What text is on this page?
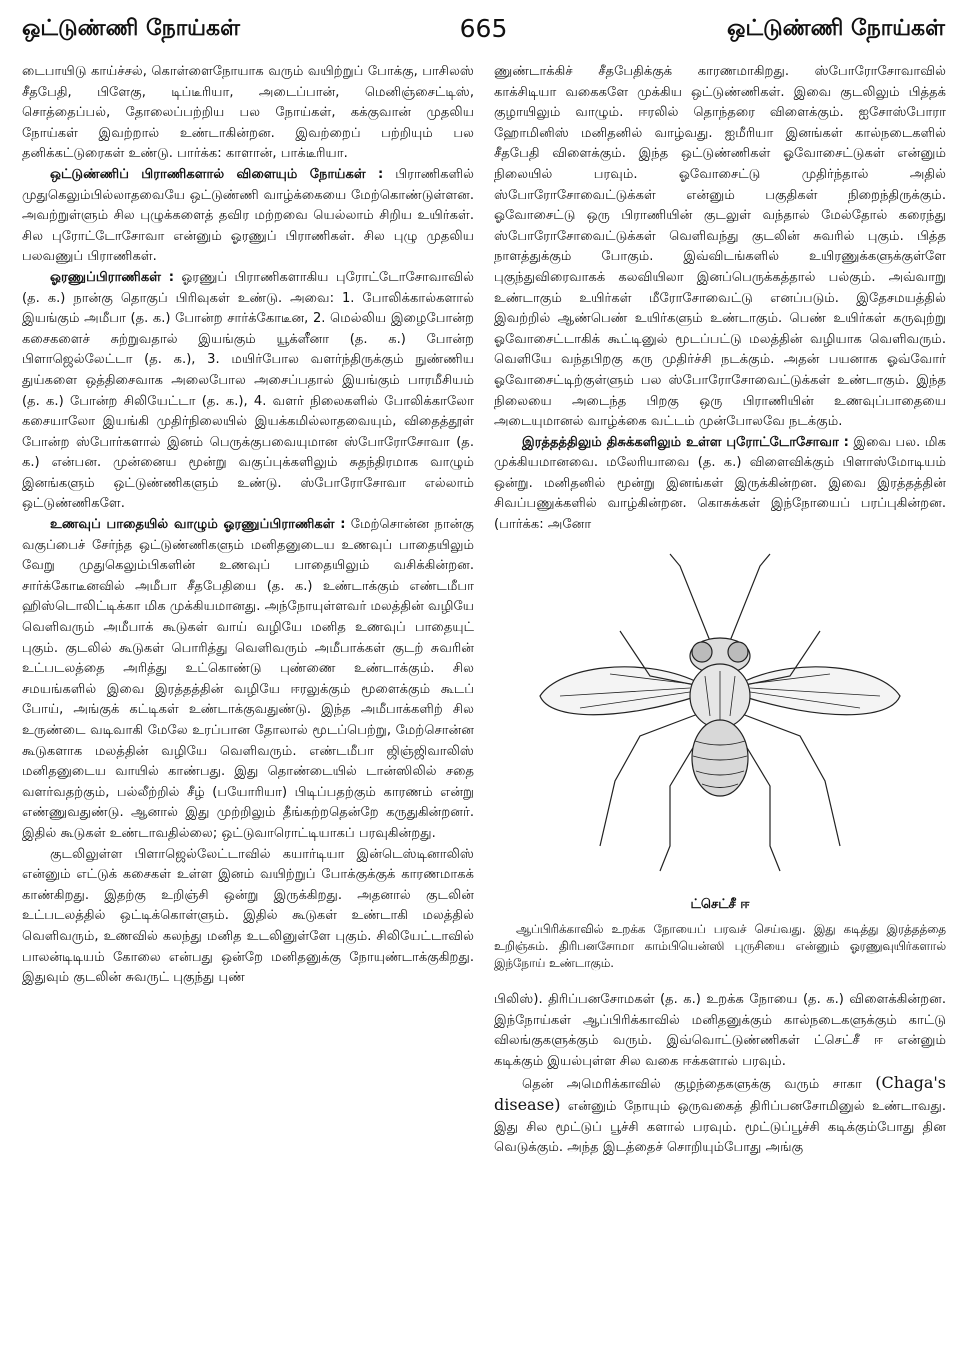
ஒட்டுண்ணி நோய்கள்	665	ஒட்டுண்ணி நோய்கள்

டைபாயிடு காய்ச்சல், கொள்ளைநோயாக வரும் வயிற்றுப் போக்கு, பாசிலஸ் சீதபேதி, பிளேகு, டிப்டீரியா, அடைப்பான், மெனிஞ்சைட்டிஸ், சொத்தைப்பல், தோலைப்பற்றிய பல நோய்கள், கக்குவான் முதலிய நோய்கள் இவற்றால் உண்டாகின்றன. இவற்றைப் பற்றியும் பல தனிக்கட்டுரைகள் உண்டு. பார்க்க: காளான், பாக்டீரியா.

ஒட்டுண்ணிப் பிராணிகளால் விளையும் நோய்கள் : பிராணிகளில் முதுகெலும்பில்லாதவையே ஒட்டுண்ணி வாழ்க்கையை மேற்கொண்டுள்ளன. அவற்றுள்ளும் சில புழுக்களைத் தவிர மற்றவை யெல்லாம் சிறிய உயிர்கள். சில புரோட்டோசோவா என்னும் ஓரணுப் பிராணிகள். சில புழு முதலிய பலவணுப் பிராணிகள்.

ஓரணுப்பிராணிகள் : ஓரணுப் பிராணிகளாகிய புரோட்டோசோவாவில் (த. க.) நான்கு தொகுப் பிரிவுகள் உண்டு. அவை: 1. போலிக்கால்களால் இயங்கும் அமீபா (த. க.) போன்ற சார்க்கோடீன, 2. மெல்லிய இழைபோன்ற கசைகளைச் சுற்றுவதால் இயங்கும் யூக்ளீனா (த. க.) போன்ற பிளாஜெல்லேட்டா (த. க.), 3. மயிர்போல வளர்ந்திருக்கும் நுண்ணிய துய்களை ஒத்திசைவாக அலைபோல அசைப்பதால் இயங்கும் பாரமீசியம் (த. க.) போன்ற சிலியேட்டா (த. க.), 4. வளர் நிலைகளில் போலிக்காலோ கசையாலோ இயங்கி முதிர்நிலையில் இயக்கமில்லாதவையும், விதைத்தூள் போன்ற ஸ்போர்களால் இனம் பெருக்குபவையுமான ஸ்போரோசோவா (த. க.) என்பன. முன்னைய மூன்று வகுப்புக்களிலும் சுதந்திரமாக வாழும் இனங்களும் ஒட்டுண்ணிகளும் உண்டு. ஸ்போரோசோவா எல்லாம் ஒட்டுண்ணிகளே.

உணவுப் பாதையில் வாழும் ஓரணுப்பிராணிகள் : மேற்சொன்ன நான்கு வகுப்பைச் சேர்ந்த ஒட்டுண்ணிகளும் மனிதனுடைய உணவுப் பாதையிலும் வேறு முதுகெலும்பிகளின் உணவுப் பாதையிலும் வசிக்கின்றன. சார்க்கோடீனவில் அமீபா சீதபேதியை (த. க.) உண்டாக்கும் எண்டமீபா ஹிஸ்டொலிட்டிக்கா மிக முக்கியமானது. அந்நோயுள்ளவர் மலத்தின் வழியே வெளிவரும் அமீபாக் கூடுகள் வாய் வழியே மனித உணவுப் பாதையுட் புகும். குடலில் கூடுகள் பொரித்து வெளிவரும் அமீபாக்கள் குடற் சுவரின் உட்படலத்தை அரித்து உட்கொண்டு புண்ணை உண்டாக்கும். சில சமயங்களில் இவை இரத்தத்தின் வழியே ஈரலுக்கும் மூளைக்கும் கூடப் போய், அங்குக் கட்டிகள் உண்டாக்குவதுண்டு. இந்த அமீபாக்களிற் சில உருண்டை வடிவாகி மேலே உரப்பான தோலால் மூடப்பெற்று, மேற்சொன்ன கூடுகளாக மலத்தின் வழியே வெளிவரும். எண்டமீபா ஜிஞ்ஜிவாலிஸ் மனிதனுடைய வாயில் காண்பது. இது தொண்டையில் டான்ஸிலில் சதை வளர்வதற்கும், பல்லீற்றில் சீழ் (பயோரியா) பிடிப்பதற்கும் காரணம் என்று எண்ணுவதுண்டு. ஆனால் இது முற்றிலும் தீங்கற்றதென்றே கருதுகின்றனர். இதில் கூடுகள் உண்டாவதில்லை; ஒட்டுவாரொட்டியாகப் பரவுகின்றது.

குடலிலுள்ள பிளாஜெல்லேட்டாவில் கயார்டியா இன்டெஸ்டினாலிஸ் என்னும் எட்டுக் கசைகள் உள்ள இனம் வயிற்றுப் போக்குக்குக் காரணமாகக் காண்கிறது. இதற்கு உறிஞ்சி ஒன்று இருக்கிறது. அதனால் குடலின் உட்படலத்தில் ஒட்டிக்கொள்ளும். இதில் கூடுகள் உண்டாகி மலத்தில் வெளிவரும், உணவில் கலந்து மனித உடலினுள்ளே புகும். சிலியேட்டாவில் பாலன்டிடியம் கோலை என்பது ஒன்றே மனிதனுக்கு நோயுண்டாக்குகிறது. இதுவும் குடலின் சுவருட் புகுந்து புண்

ணுண்டாக்கிச் சீதபேதிக்குக் காரணமாகிறது. ஸ்போரோசோவாவில் காக்சிடியா வகைகளே முக்கிய ஒட்டுண்ணிகள். இவை குடலிலும் பித்தக் குழாயிலும் வாழும். ஈரலில் தொந்தரை விளைக்கும். ஐசோஸ்போரா ஹோமினிஸ் மனிதனில் வாழ்வது. ஐமீரியா இனங்கள் கால்நடைகளில் சீதபேதி விளைக்கும். இந்த ஒட்டுண்ணிகள் ஓவோசைட்டுகள் என்னும் நிலையில் பரவும். ஓவோசைட்டு முதிர்ந்தால் அதில் ஸ்போரோசோவைட்டுக்கள் என்னும் பகுதிகள் நிறைந்திருக்கும். ஓவோசைட்டு ஒரு பிராணியின் குடலுள் வந்தால் மேல்தோல் கரைந்து ஸ்போரோசோவைட்டுக்கள் வெளிவந்து குடலின் சுவரில் புகும். பித்த நாளத்துக்கும் போகும். இவ்விடங்களில் உயிரணுக்களுக்குள்ளே புகுந்துவிரைவாகக் கலவியிலா இனப்பெருக்கத்தால் பல்கும். அவ்வாறு உண்டாகும் உயிர்கள் மீரோசோவைட்டு எனப்படும். இதேசமயத்தில் இவற்றில் ஆண்பெண் உயிர்களும் உண்டாகும். பெண் உயிர்கள் கருவுற்று ஓவோசைட்டாகிக் கூட்டினுல் மூடப்பட்டு மலத்தின் வழியாக வெளிவரும். வெளியே வந்தபிறகு கரு முதிர்ச்சி நடக்கும். அதன் பயனாக ஓவ்வோர் ஓவோசைட்டிற்குள்ளும் பல ஸ்போரோசோவைட்டுக்கள் உண்டாகும். இந்த நிலையை அடைந்த பிறகு ஒரு பிராணியின் உணவுப்பாதையை அடையுமானல் வாழ்க்கை வட்டம் முன்போலவே நடக்கும்.

இரத்தத்திலும் திசுக்களிலும் உள்ள புரோட்டோசோவா : இவை பல. மிக முக்கியமானவை. மலேரியாவை (த. க.) விளைவிக்கும் பிளாஸ்மோடியம் ஒன்று. மனிதனில் மூன்று இனங்கள் இருக்கின்றன. இவை இரத்தத்தின் சிவப்பணுக்களில் வாழ்கின்றன. கொசுக்கள் இந்நோயைப் பரப்புகின்றன. (பார்க்க: அனோ

ட்செட்சீ ஈ
ஆப்பிரிக்காவில் உறக்க நோயைப் பரவச் செய்வது. இது கடித்து இரத்தத்தை உறிஞ்சும். திரிபனசோமா காம்பியென்ஸி புருசியை என்னும் ஓரணுவுயிர்களால் இந்நோய் உண்டாகும்.

பிலிஸ்). திரிப்பனசோமகள் (த. க.) உறக்க நோயை (த. க.) விளைக்கின்றன. இந்நோய்கள் ஆப்பிரிக்காவில் மனிதனுக்கும் கால்நடைகளுக்கும் காட்டு விலங்குகளுக்கும் வரும். இவ்வொட்டுண்ணிகள் ட்செட்சீ ஈ என்னும் கடிக்கும் இயல்புள்ள சில வகை ஈக்களால் பரவும்.

தென் அமெரிக்காவில் குழந்தைகளுக்கு வரும் சாகா (Chaga's disease) என்னும் நோயும் ஒருவகைத் திரிப்பனசோமினுல் உண்டாவது. இது சில மூட்டுப் பூச்சி களால் பரவும். மூட்டுப்பூச்சி கடிக்கும்போது தின வெடுக்கும். அந்த இடத்தைச் சொறியும்போது அங்கு
